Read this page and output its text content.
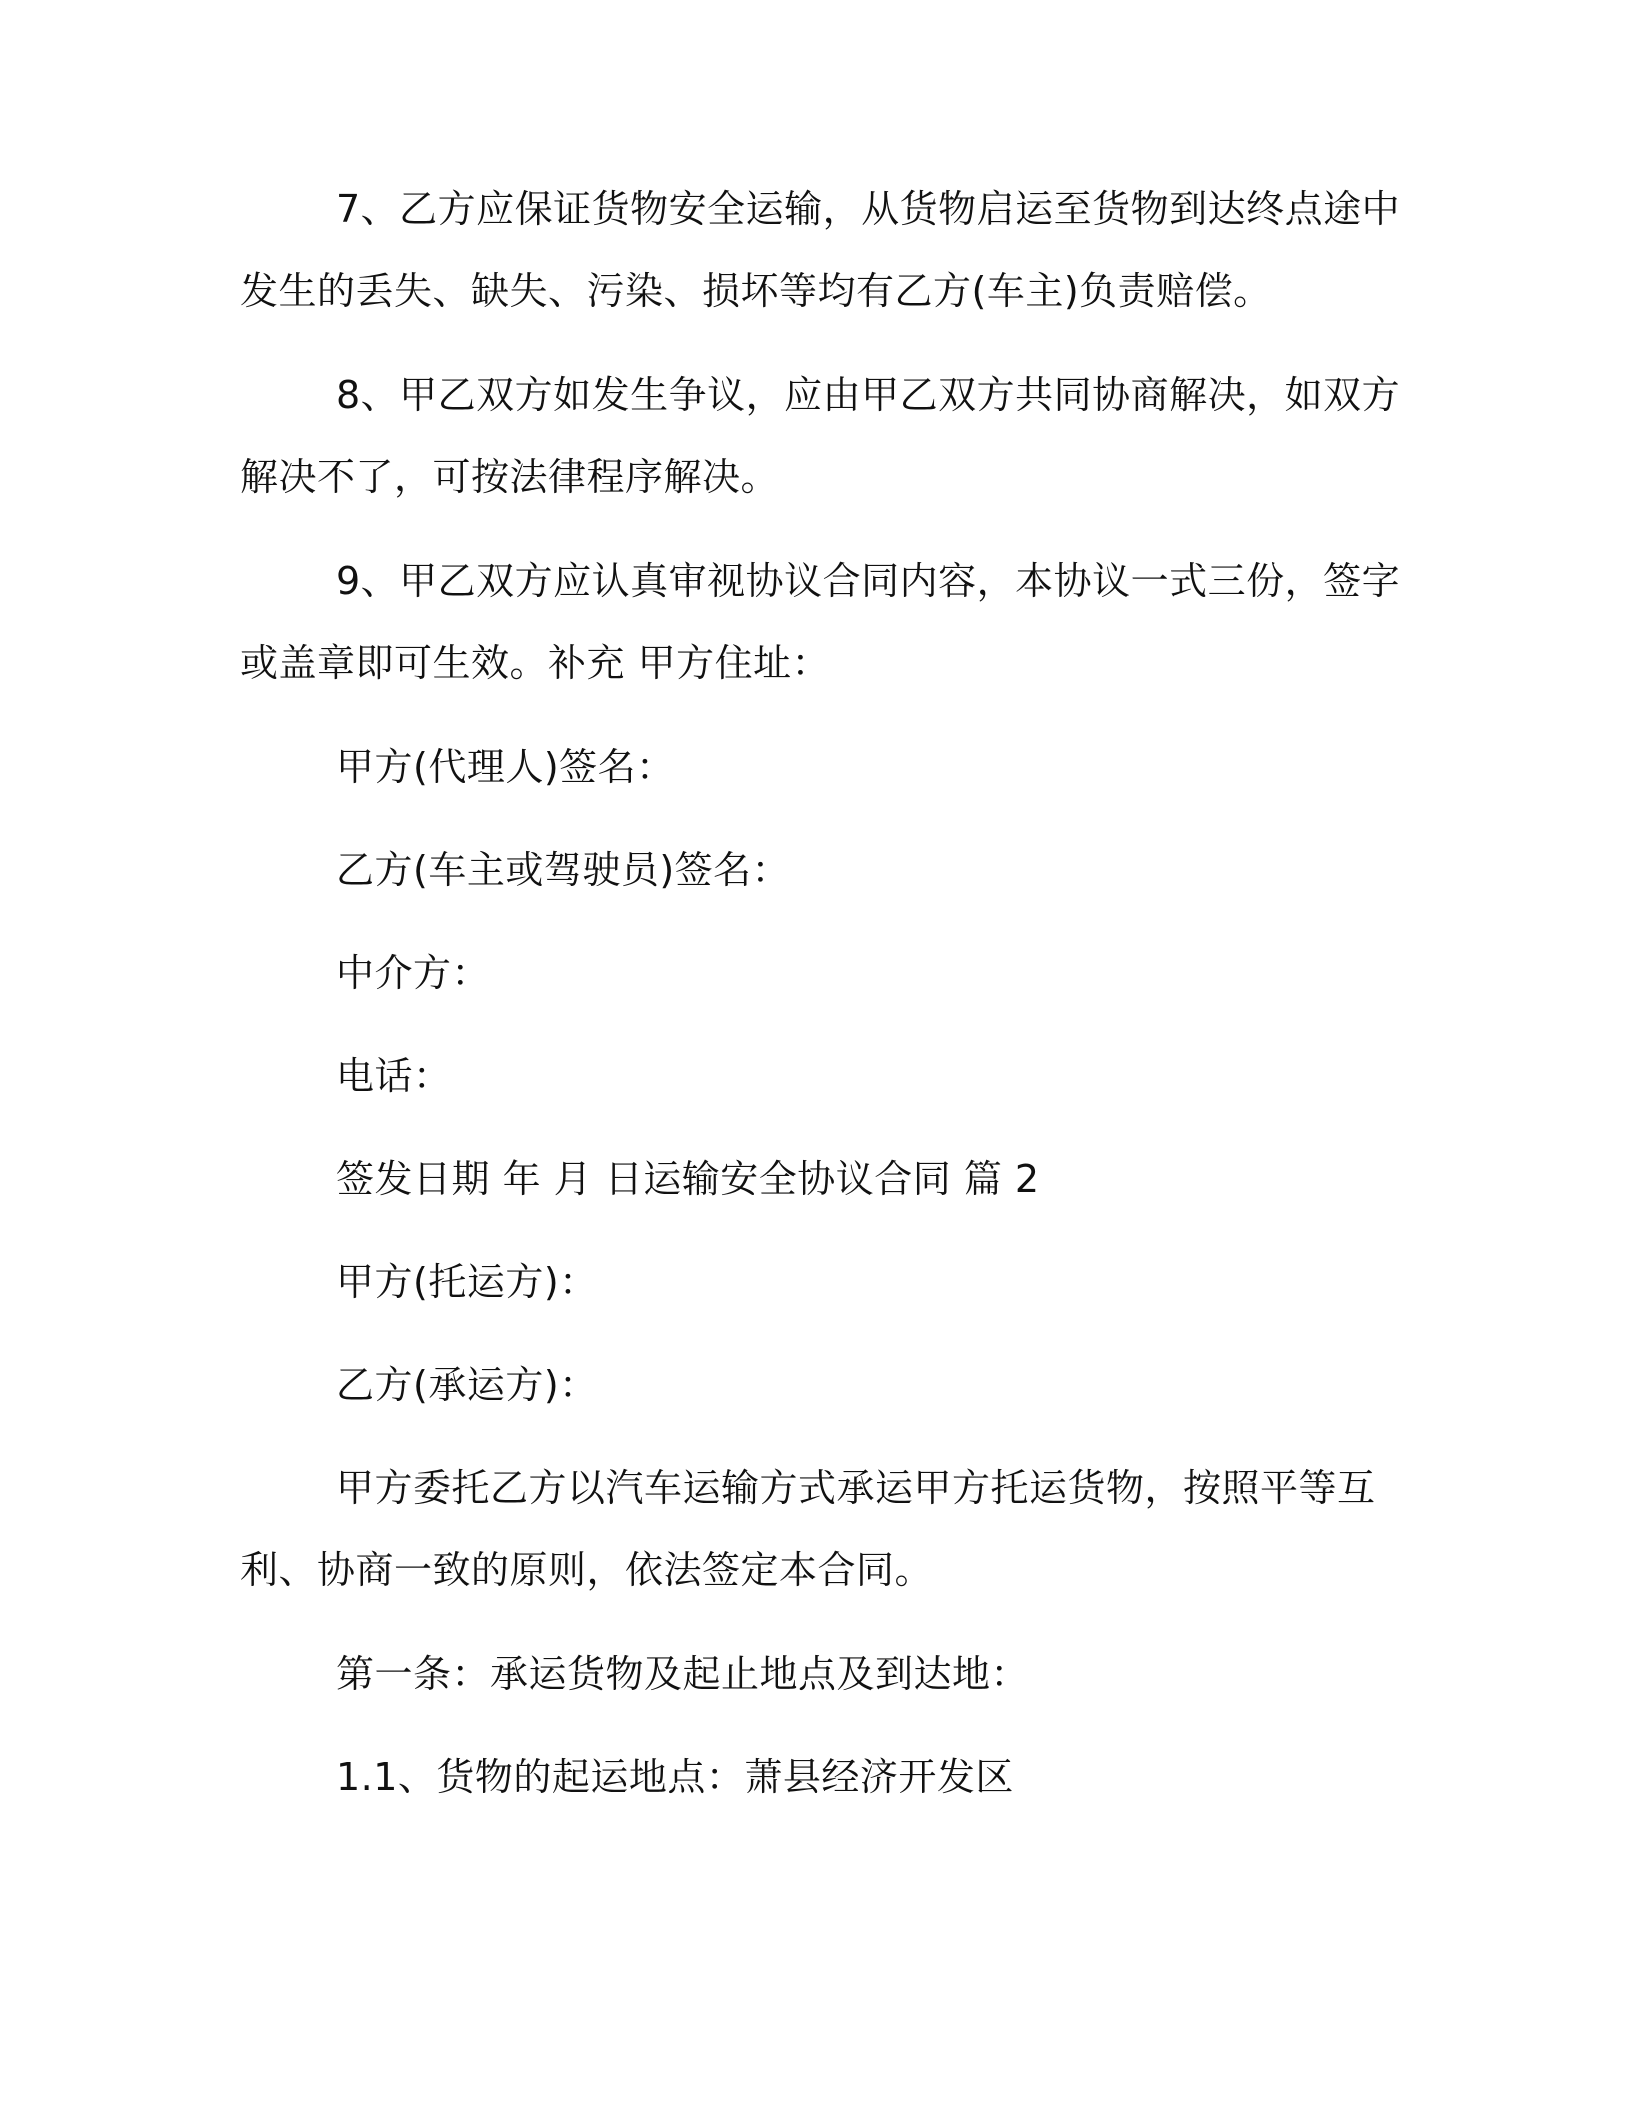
7、乙方应保证货物安全运输，从货物启运至货物到达终点途中发生的丢失、缺失、污染、损坏等均有乙方(车主)负责赔偿。

8、甲乙双方如发生争议，应由甲乙双方共同协商解决，如双方解决不了，可按法律程序解决。

9、甲乙双方应认真审视协议合同内容，本协议一式三份，签字或盖章即可生效。补充 甲方住址：

甲方(代理人)签名：

乙方(车主或驾驶员)签名：

中介方：

电话：

签发日期 年 月 日运输安全协议合同 篇 2

甲方(托运方)：

乙方(承运方)：

甲方委托乙方以汽车运输方式承运甲方托运货物，按照平等互利、协商一致的原则，依法签定本合同。

第一条：承运货物及起止地点及到达地：

1.1、货物的起运地点：萧县经济开发区
